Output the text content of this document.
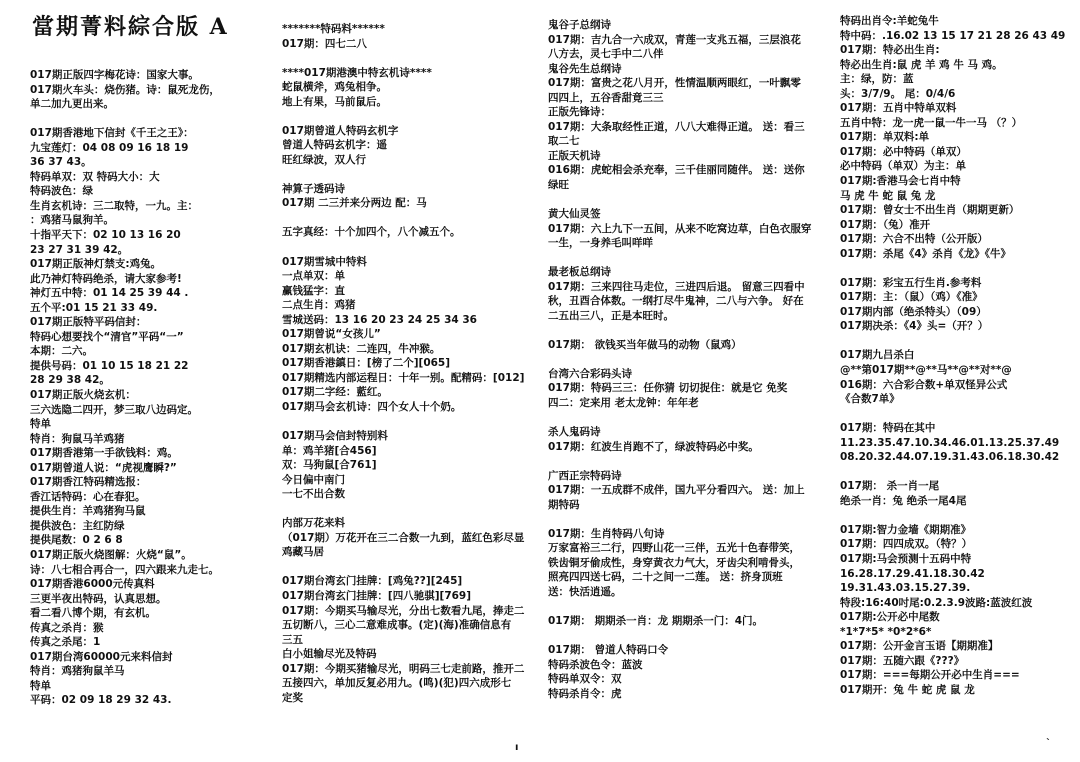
當期菁料綜合版 A
017期正版四字梅花诗：国家大事。
017期火车头：烧伤猪。诗：鼠死龙伤，
单二加九更出来。
017期香港地下信封《千王之王》：
九宝莲灯：04 08 09 16 18 19
36 37 43。
特码单双：双 特码大小：大
特码波色：绿
生肖玄机诗：三二取特，一九。主：
：鸡猪马鼠狗羊。
十指平天下：02 10 13 16 20
23 27 31 39 42。
017期正版神灯禁支:鸡兔。
此乃神灯特码绝杀，请大家参考!
神灯五中特：01 14 25 39 44 .
五个平:01 15 21 33 49.
017期正版特平码信封：
特码心想要找个“清官”平码“一”
本期：二六。
提供号码：01 10 15 18 21 22
28 29 38 42。
017期正版火烧玄机：
三六选隐二四开，梦三取八边码定。
特单
特肖：狗鼠马羊鸡猪
017期香港第一手欲钱料：鸡。
017期曾道人说：“虎视鹰瞬?”
017期香江特码精选报：
香江话特码：心在春犯。
提供生肖：羊鸡猪狗马鼠
提供波色：主红防绿
提供尾数：0 2 6 8
017期正版火烧图解：火烧“鼠”。
诗：八七相合再合一，四六跟来九走七。
017期香港6000元传真料
三更半夜出特码，认真思想。
看二看八博个期，有玄机。
传真之杀肖：猴
传真之杀尾：1
017期台湾60000元来料信封
特肖：鸡猪狗鼠羊马
特单
平码：02 09 18 29 32 43.
*******特码料******
017期：四七二八
****017期港澳中特玄机诗****
蛇鼠横斧，鸡兔相争。
地上有果，马前鼠后。
017期曾道人特码玄机字
曾道人特码玄机字：遥
旺红绿波，双人行
神算子透码诗
017期 二三并来分两边 配：马
五字真经：十个加四个，八个减五个。
017期雪城中特料
一点单双：单
赢钱猛字：直
二点生肖：鸡猪
雪城送码：13 16 20 23 24 25 34 36
017期曾说“女孩儿”
017期玄机诀：二连四，牛冲猴。
017期香港鎮日：[榜了二个][065]
017期精选内部运程日：十年一别。配精码：[012]
017期二字经：藍红。
017期马会玄机诗：四个女人十个奶。
017期马会信封特别料
单：鸡羊猪[合456]
双：马狗鼠[合761]
今日偏中南门
一七不出合数
内部万花来料
（017期）万花开在三二合数一九到，蓝红色彩尽显
鸡藏马居
017期台湾玄门挂牌：[鸡兔??][245]
017期台湾玄门挂牌：[四八驰骐][769]
017期：今期买马输尽光，分出七数看九尾，捧走二
五切断八，三心二意难成事。(定)(海)准确信息有
三五
白小姐输尽光及特码
017期：今期买猪输尽光，明码三七走前路，推开二
五接四六，单加反复必用九。(鸣)(犯)四六成形七
定奖
鬼谷子总纲诗
017期：吉九合一六成双，青莲一支兆五福，三层浪花
八方去，灵七手中二八伴
鬼谷先生总纲诗
017期：富贵之花八月开，性情温顺两眼红，一叶飘零
四四上，五谷香甜竟三三
正版先锋诗：
017期：大条取经性正道，八八大难得正道。 送：看三
取二七
正版天机诗
016期：虎蛇相会杀充奉，三千佳丽同随伴。 送：送你
绿旺
黄大仙灵签
017期：六上九下一五间，从来不吃窝边草，白色衣服穿
一生，一身养毛叫咩咩
最老板总纲诗
017期：三来四往马走位，三进四后退。 留意三四看中
秋，丑酉合体数。一纲打尽牛鬼神，二八与六争。 好在
二五出三八，正是本旺时。
017期： 欲钱买当年做马的动物（鼠鸡）
台湾六合彩码头诗
017期：特码三三：任你猜 切切捉住：就是它 免奖
四二：定来用 老太龙钟：年年老
杀人鬼码诗
017期：红波生肖跑不了，绿波特码必中奖。
广西正宗特码诗
017期：一五成群不成伴，国九平分看四六。 送：加上
期特码
017期：生肖特码八句诗
万家富裕三二行，四野山花一三伴，五光十色春带笑，
铁齿铜牙偷成性，身穿黄衣力气大，牙齿尖利啃骨头，
照亮四四送七码，二十之间一二莲。 送：挤身顶班
送：快活逍遥。
017期： 期期杀一肖：龙 期期杀一门：4门。
017期： 曾道人特码口令
特码杀波色令：蓝波
特码单双令：双
特码杀肖令：虎
特码出肖令:羊蛇兔牛
特中码：.16.02 13 15 17 21 28 26 43 49
017期：特必出生肖:
特必出生肖:鼠 虎 羊 鸡 牛 马 鸡。
主：绿，防：蓝
头：3/7/9。 尾：0/4/6
017期：五肖中特单双料
五肖中特：龙一虎一鼠一牛一马 （？）
017期：单双料:单
017期：必中特码（单双）
必中特码（单双）为主：单
017期:香港马会七肖中特
马 虎 牛 蛇 鼠 兔 龙
017期：曾女士不出生肖（期期更新）
017期：（兔）准开
017期：六合不出特（公开版）
017期：杀尾《4》杀肖《龙》《牛》
017期：彩宝五行生肖.参考料
017期：主：（鼠）（鸡）《准》
017期内部（绝杀特头）（09）
017期决杀：《4》头=（开？）
017期九吕杀白
@**第017期**@**马**@**对**@
016期：六合彩合数+单双怪异公式
《合数7单》
017期：特码在其中
11.23.35.47.10.34.46.01.13.25.37.49
08.20.32.44.07.19.31.43.06.18.30.42
017期： 杀一肖一尾
绝杀一肖：兔 绝杀一尾4尾
017期:智力金墙《期期准》
017期：四四成双。（特？）
017期:马会预测十五码中特
16.28.17.29.41.18.30.42
19.31.43.03.15.27.39.
特段:16:40吋尾:0.2.3.9波路:蓝波红波
017期:公开必中尾数
*1*7*5* *0*2*6*
017期：公开金言玉语【期期准】
017期：五随六跟《???》
017期：===每期公开必中生肖===
017期开：兔 牛 蛇 虎 鼠 龙
ı	ˋ
